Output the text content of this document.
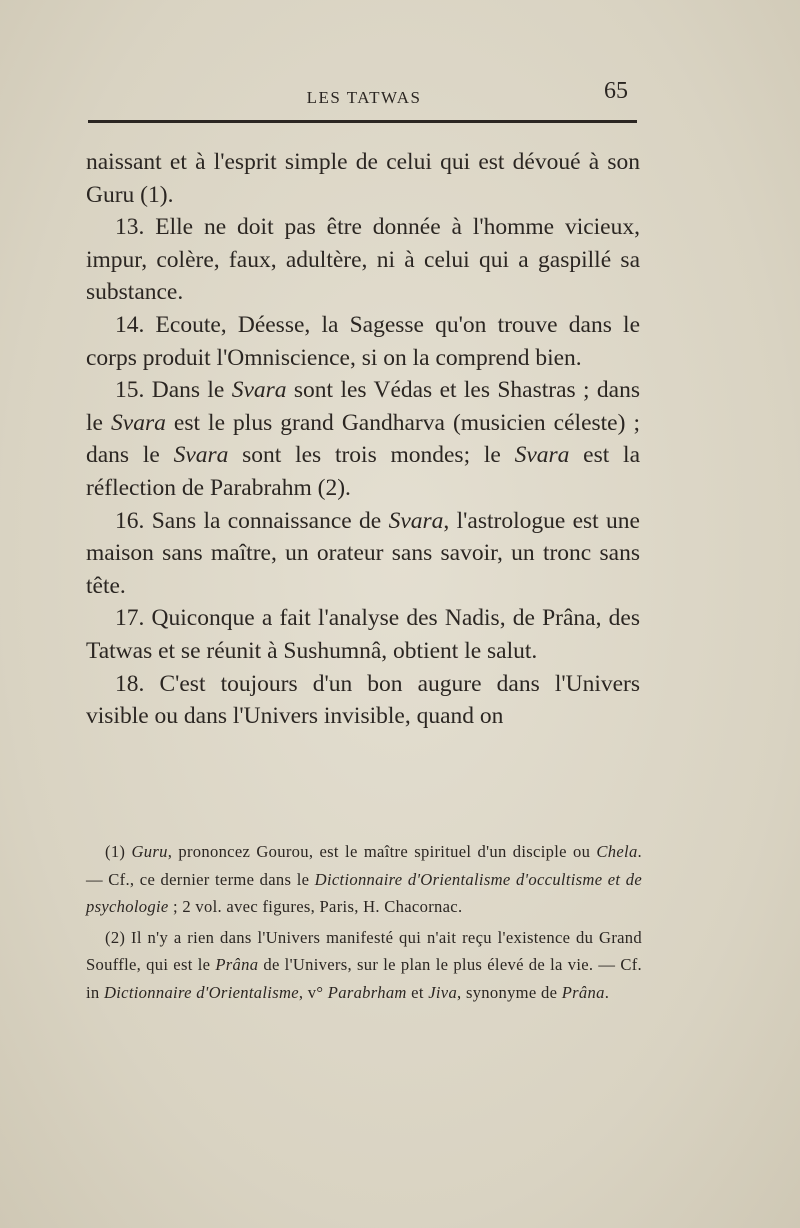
LES TATWAS	65

naissant et à l'esprit simple de celui qui est dévoué à son Guru (1).

13. Elle ne doit pas être donnée à l'homme vicieux, impur, colère, faux, adultère, ni à celui qui a gaspillé sa substance.

14. Ecoute, Déesse, la Sagesse qu'on trouve dans le corps produit l'Omniscience, si on la comprend bien.

15. Dans le Svara sont les Védas et les Shastras ; dans le Svara est le plus grand Gandharva (musicien céleste) ; dans le Svara sont les trois mondes; le Svara est la réflection de Parabrahm (2).

16. Sans la connaissance de Svara, l'astrologue est une maison sans maître, un orateur sans savoir, un tronc sans tête.

17. Quiconque a fait l'analyse des Nadis, de Prâna, des Tatwas et se réunit à Sushumnâ, obtient le salut.

18. C'est toujours d'un bon augure dans l'Univers visible ou dans l'Univers invisible, quand on

(1) Guru, prononcez Gourou, est le maître spirituel d'un disciple ou Chela. — Cf., ce dernier terme dans le Dictionnaire d'Orientalisme d'occultisme et de psychologie ; 2 vol. avec figures, Paris, H. Chacornac.

(2) Il n'y a rien dans l'Univers manifesté qui n'ait reçu l'existence du Grand Souffle, qui est le Prâna de l'Univers, sur le plan le plus élevé de la vie. — Cf. in Dictionnaire d'Orientalisme, v° Parabrham et Jiva, synonyme de Prâna.
